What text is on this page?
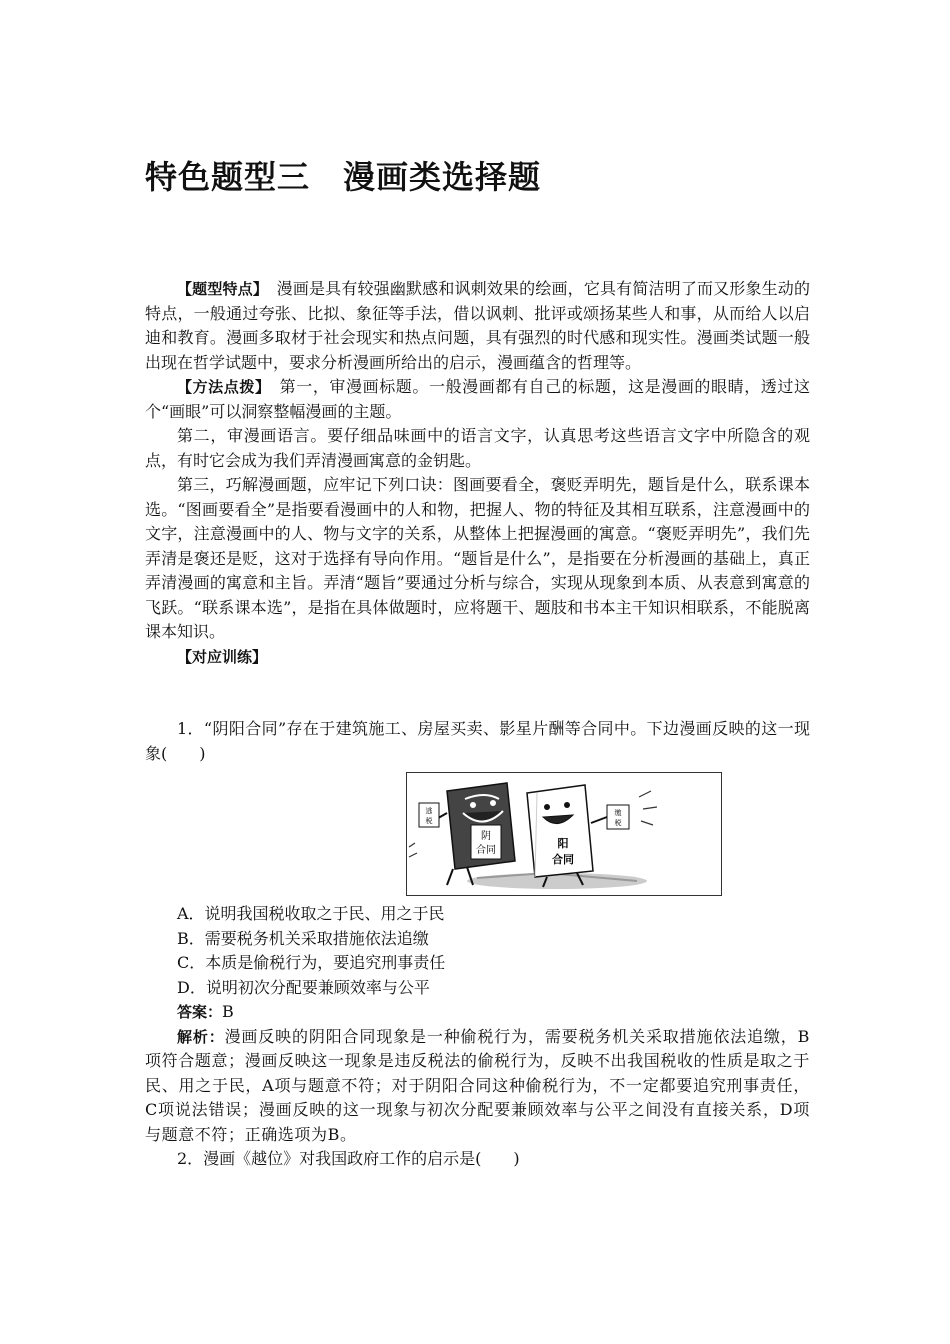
特色题型三　漫画类选择题

【题型特点】　漫画是具有较强幽默感和讽刺效果的绘画，它具有简洁明了而又形象生动的特点，一般通过夸张、比拟、象征等手法，借以讽刺、批评或颂扬某些人和事，从而给人以启迪和教育。漫画多取材于社会现实和热点问题，具有强烈的时代感和现实性。漫画类试题一般出现在哲学试题中，要求分析漫画所给出的启示，漫画蕴含的哲理等。

【方法点拨】　第一，审漫画标题。一般漫画都有自己的标题，这是漫画的眼睛，透过这个“画眼”可以洞察整幅漫画的主题。

第二，审漫画语言。要仔细品味画中的语言文字，认真思考这些语言文字中所隐含的观点，有时它会成为我们弄清漫画寓意的金钥匙。

第三，巧解漫画题，应牢记下列口诀：图画要看全，褒贬弄明先，题旨是什么，联系课本选。“图画要看全”是指要看漫画中的人和物，把握人、物的特征及其相互联系，注意漫画中的文字，注意漫画中的人、物与文字的关系，从整体上把握漫画的寓意。“褒贬弄明先”，我们先弄清是褒还是贬，这对于选择有导向作用。“题旨是什么”，是指要在分析漫画的基础上，真正弄清漫画的寓意和主旨。弄清“题旨”要通过分析与综合，实现从现象到本质、从表意到寓意的飞跃。“联系课本选”，是指在具体做题时，应将题干、题肢和书本主干知识相联系，不能脱离课本知识。

【对应训练】

1．“阴阳合同”存在于建筑施工、房屋买卖、影星片酬等合同中。下边漫画反映的这一现象(　　)

阴
合同
逃
税
阳
合同
缴
税

A．说明我国税收取之于民、用之于民

B．需要税务机关采取措施依法追缴

C．本质是偷税行为，要追究刑事责任

D．说明初次分配要兼顾效率与公平

答案：B

解析：漫画反映的阴阳合同现象是一种偷税行为，需要税务机关采取措施依法追缴，B项符合题意；漫画反映这一现象是违反税法的偷税行为，反映不出我国税收的性质是取之于民、用之于民，A项与题意不符；对于阴阳合同这种偷税行为，不一定都要追究刑事责任，C项说法错误；漫画反映的这一现象与初次分配要兼顾效率与公平之间没有直接关系，D项与题意不符；正确选项为B。

2．漫画《越位》对我国政府工作的启示是(　　)
